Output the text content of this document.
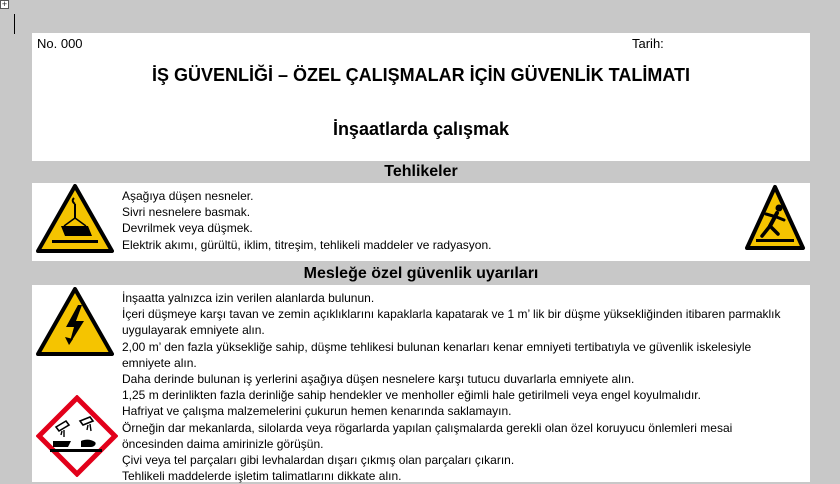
+
No. 000	Tarih:
İŞ GÜVENLİĞİ – ÖZEL ÇALIŞMALAR İÇİN GÜVENLİK TALİMATI
İnşaatlarda çalışmak
Tehlikeler
Aşağıya düşen nesneler.
Sivri nesnelere basmak.
Devrilmek veya düşmek.
Elektrik akımı, gürültü, iklim, titreşim, tehlikeli maddeler ve radyasyon.
Mesleğe özel güvenlik uyarıları
İnşaatta yalnızca izin verilen alanlarda bulunun.
İçeri düşmeye karşı tavan ve zemin açıklıklarını kapaklarla kapatarak ve 1 m’ lik bir düşme yüksekliğinden itibaren parmaklık uygulayarak emniyete alın.
2,00 m’ den fazla yüksekliğe sahip, düşme tehlikesi bulunan kenarları kenar emniyeti tertibatıyla ve güvenlik iskelesiyle emniyete alın.
Daha derinde bulunan iş yerlerini aşağıya düşen nesnelere karşı tutucu duvarlarla emniyete alın.
1,25 m derinlikten fazla derinliğe sahip hendekler ve menholler eğimli hale getirilmeli veya engel koyulmalıdır.
Hafriyat ve çalışma malzemelerini çukurun hemen kenarında saklamayın.
Örneğin dar mekanlarda, silolarda veya rögarlarda yapılan çalışmalarda gerekli olan özel koruyucu önlemleri mesai öncesinden daima amirinizle görüşün.
Çivi veya tel parçaları gibi levhalardan dışarı çıkmış olan parçaları çıkarın.
Tehlikeli maddelerde işletim talimatlarını dikkate alın.
